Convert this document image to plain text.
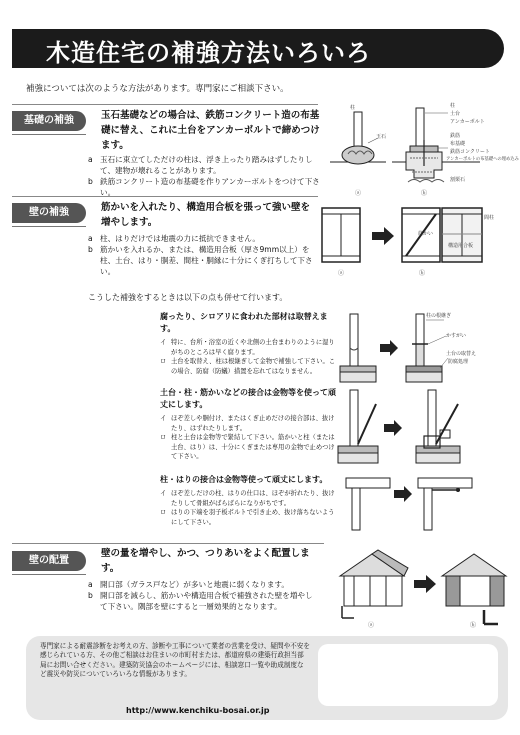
木造住宅の補強方法いろいろ
補強については次のような方法があります。専門家にご相談下さい。
基礎の補強	玉石基礎などの場合は、鉄筋コンクリート造の布基礎に替え、これに土台をアンカーボルトで締めつけます。
a 玉石に束立てしただけの柱は、浮き上ったり踏みはずしたりして、建物が壊れることがあります。
b 鉄筋コンクリート造の布基礎を作りアンカーボルトをつけて下さい。
柱
玉石
柱
土台
アンカーボルト
鉄筋
布基礎
鉄筋コンクリート
アンカーボルトの布基礎への埋め込み
割栗石
ⓐ	ⓑ
壁の補強	筋かいを入れたり、構造用合板を張って強い壁を増やします。
a 柱、はりだけでは地震の力に抵抗できません。
b 筋かいを入れるか、または、構造用合板（厚さ9mm以上）を柱、土台、はり・胴差、間柱・胴縁に十分にくぎ打ちして下さい。
間柱
筋かい
構造用合板
ⓐ	ⓑ
こうした補強をするときは以下の点も併せて行います。
腐ったり、シロアリに食われた部材は取替えます。
イ 特に、台所・浴室の近くや北側の土台まわりのように湿りがちのところは早く腐ります。
ロ 土台を取替え、柱は根継ぎして金物で補強して下さい。この場合、防腐（防蟻）措置を忘れてはなりません。
柱の根継ぎ
かすがい
土台の取替え
防腐処理
土台・柱・筋かいなどの接合は金物等を使って頑丈にします。
イ ほぞ差しや胴付け、またはくぎ止めだけの接合部は、抜けたり、はずれたりします。
ロ 柱と土台は金物等で緊結して下さい。筋かいと柱（または土台、はり）は、十分にくぎまたは専用の金物で止めつけて下さい。
柱・はりの接合は金物等使って頑丈にします。
イ ほぞ差しだけの柱、はりの仕口は、ほぞが折れたり、抜けたりして骨組がばらばらになりがちです。
ロ はりの下端を羽子板ボルトで引き止め、抜け落ちないようにして下さい。
壁の配置
壁の量を増やし、かつ、つりあいをよく配置します。
a 開口部（ガラス戸など）が多いと地震に弱くなります。
b 開口部を減らし、筋かいや構造用合板で補強された壁を増やして下さい。隅部を壁にすると一層効果的となります。
ⓐ	ⓑ
専門家による耐震診断をお考えの方、診断や工事について業者の営業を受け、疑問や不安を感じられている方、その他ご相談はお住まいの市町村または、都道府県の建築行政担当部局にお問い合せください。建築防災協会のホームページには、相談窓口一覧や助成制度など震災や防災についていろいろな情報があります。
http://www.kenchiku-bosai.or.jp
